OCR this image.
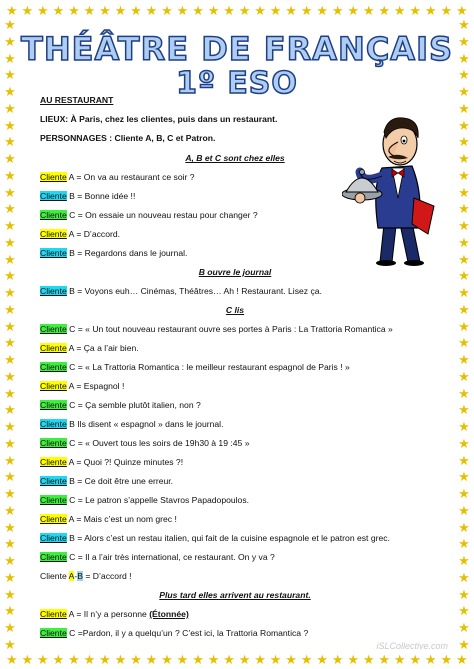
★ ★ ★ ★ ★ ★ ★ ★ ★ ★ ★ ★ ★ ★ ★ ★ ★ ★ ★ ★ ★ ★ ★ ★ ★ ★ ★ ★ ★ ★
★ ★ ★ ★ ★ ★ ★ ★ ★ ★ ★ ★ ★ ★ ★ ★ ★ ★ ★ ★ ★ ★ ★ ★ ★ ★ ★ ★ ★ ★
★
★
★
★
★
★
★
★
★
★
★
★
★
★
★
★
★
★
★
★
★
★
★
★
★
★
★
★
★
★
★
★
★
★
★
★
★
★
★
★
★
★
★
★
★
★
★
★
★
★
★
★
★
★
★
★
★
★
★
★
★
★
★
★
★
★
★
★
★
★
★
★
★
★
★
★
THÉÂTRE DE FRANÇAIS
1º ESO
AU RESTAURANT
LIEUX: À Paris, chez les clientes, puis dans un restaurant.
PERSONNAGES : Cliente A, B, C et Patron.
A, B et C sont chez elles
Cliente A = On va au restaurant ce soir ?
Cliente B = Bonne idée !!
Cliente C = On essaie un nouveau restau pour changer ?
Cliente A = D’accord.
Cliente B = Regardons dans le journal.
B ouvre le journal
Cliente B = Voyons euh… Cinémas, Théâtres… Ah ! Restaurant. Lisez ça.
C lis
Cliente C = « Un tout nouveau restaurant ouvre ses portes à Paris : La Trattoria Romantica »
Cliente A = Ça a l’air bien.
Cliente C = « La Trattoria Romantica : le meilleur restaurant espagnol de Paris ! »
Cliente A = Espagnol !
Cliente C = Ça semble plutôt italien, non ?
Cliente B Ils disent « espagnol » dans le journal.
Cliente C = « Ouvert tous les soirs de 19h30 à 19 :45 »
Cliente A = Quoi ?! Quinze minutes ?!
Cliente B = Ce doit être une erreur.
Cliente C = Le patron s’appelle Stavros Papadopoulos.
Cliente A = Mais c’est un nom grec !
Cliente B = Alors c’est un restau italien, qui fait de la cuisine espagnole et le patron est grec.
Cliente C = Il a l’air très international, ce restaurant. On y va ?
Cliente A-B = D’accord !
Plus tard elles arrivent au restaurant.
Cliente A = Il n’y a personne (Étonnée)
Cliente C =Pardon, il y a quelqu’un ? C’est ici, la Trattoria Romantica ?
iSLCollective.com
